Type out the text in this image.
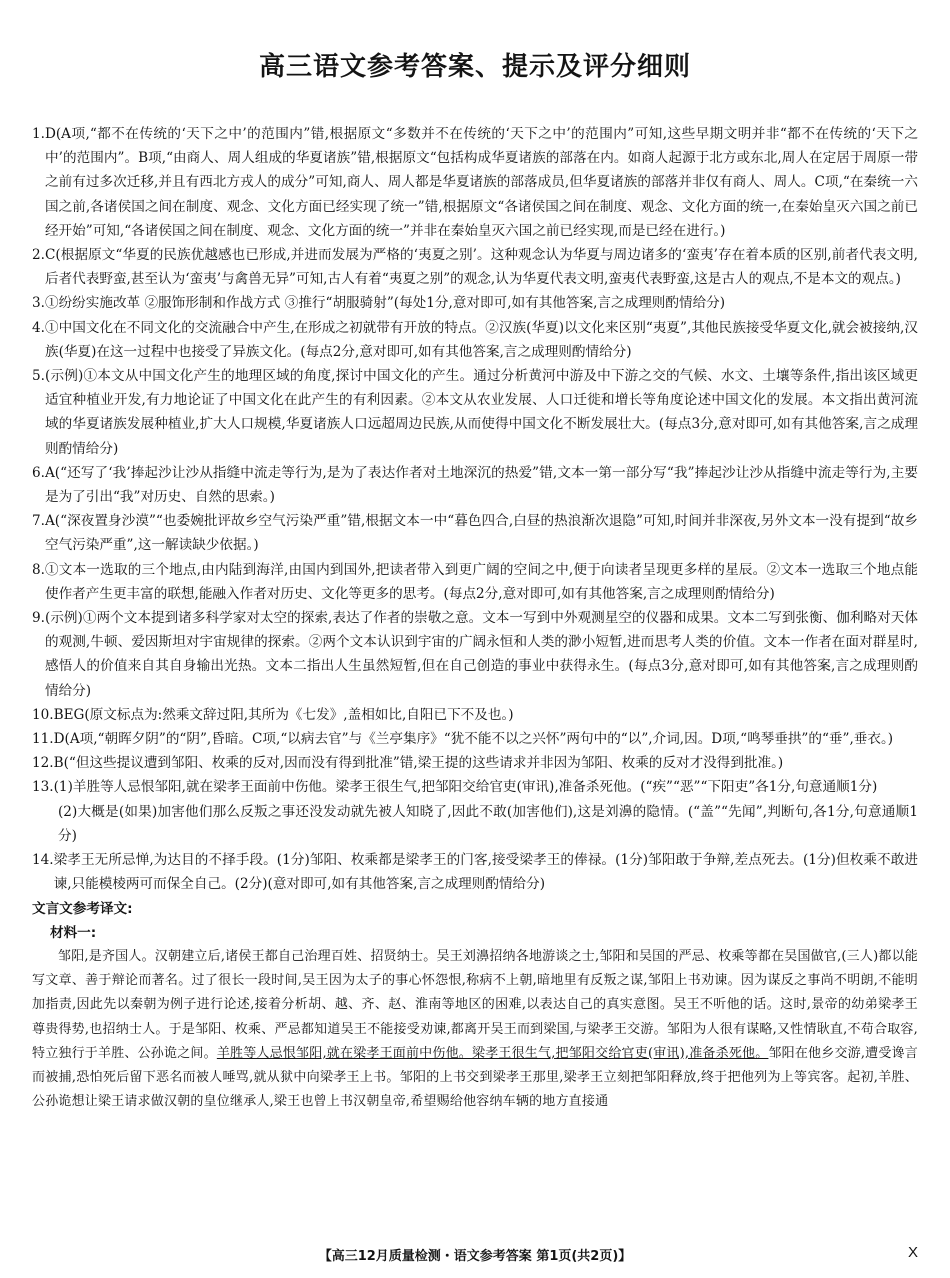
高三语文参考答案、提示及评分细则
1. D(A项,“都不在传统的‘天下之中’的范围内”错,根据原文“多数并不在传统的‘天下之中’的范围内”可知,这些早期文明并非“都不在传统的‘天下之中’的范围内”。B项,“由商人、周人组成的华夏诸族”错,根据原文“包括构成华夏诸族的部落在内。如商人起源于北方或东北,周人在定居于周原一带之前有过多次迁移,并且有西北方戎人的成分”可知,商人、周人都是华夏诸族的部落成员,但华夏诸族的部落并非仅有商人、周人。C项,“在秦统一六国之前,各诸侯国之间在制度、观念、文化方面已经实现了统一”错,根据原文“各诸侯国之间在制度、观念、文化方面的统一,在秦始皇灭六国之前已经开始”可知,“各诸侯国之间在制度、观念、文化方面的统一”并非在秦始皇灭六国之前已经实现,而是已经在进行。)
2. C(根据原文“华夏的民族优越感也已形成,并进而发展为严格的‘夷夏之别’。这种观念认为华夏与周边诸多的‘蛮夷’存在着本质的区别,前者代表文明,后者代表野蛮,甚至认为‘蛮夷’与禽兽无异”可知,古人有着“夷夏之别”的观念,认为华夏代表文明,蛮夷代表野蛮,这是古人的观点,不是本文的观点。)
3. ①纷纷实施改革 ②服饰形制和作战方式 ③推行“胡服骑射”(每处1分,意对即可,如有其他答案,言之成理则酌情给分)
4. ①中国文化在不同文化的交流融合中产生,在形成之初就带有开放的特点。②汉族(华夏)以文化来区别“夷夏”,其他民族接受华夏文化,就会被接纳,汉族(华夏)在这一过程中也接受了异族文化。(每点2分,意对即可,如有其他答案,言之成理则酌情给分)
5. (示例)①本文从中国文化产生的地理区域的角度,探讨中国文化的产生。通过分析黄河中游及中下游之交的气候、水文、土壤等条件,指出该区域更适宜种植业开发,有力地论证了中国文化在此产生的有利因素。②本文从农业发展、人口迁徙和增长等角度论述中国文化的发展。本文指出黄河流域的华夏诸族发展种植业,扩大人口规模,华夏诸族人口远超周边民族,从而使得中国文化不断发展壮大。(每点3分,意对即可,如有其他答案,言之成理则酌情给分)
6. A(“还写了‘我’捧起沙让沙从指缝中流走等行为,是为了表达作者对土地深沉的热爱”错,文本一第一部分写“我”捧起沙让沙从指缝中流走等行为,主要是为了引出“我”对历史、自然的思索。)
7. A(“深夜置身沙漠”“也委婉批评故乡空气污染严重”错,根据文本一中“暮色四合,白昼的热浪渐次退隐”可知,时间并非深夜,另外文本一没有提到“故乡空气污染严重”,这一解读缺少依据。)
8. ①文本一选取的三个地点,由内陆到海洋,由国内到国外,把读者带入到更广阔的空间之中,便于向读者呈现更多样的星辰。②文本一选取三个地点能使作者产生更丰富的联想,能融入作者对历史、文化等更多的思考。(每点2分,意对即可,如有其他答案,言之成理则酌情给分)
9. (示例)①两个文本提到诸多科学家对太空的探索,表达了作者的崇敬之意。文本一写到中外观测星空的仪器和成果。文本二写到张衡、伽利略对天体的观测,牛顿、爱因斯坦对宇宙规律的探索。②两个文本认识到宇宙的广阔永恒和人类的渺小短暂,进而思考人类的价值。文本一作者在面对群星时,感悟人的价值来自其自身输出光热。文本二指出人生虽然短暂,但在自己创造的事业中获得永生。(每点3分,意对即可,如有其他答案,言之成理则酌情给分)
10. BEG(原文标点为:然乘文辞过阳,其所为《七发》,盖相如比,自阳已下不及也。)
11. D(A项,“朝晖夕阴”的“阴”,昏暗。C项,“以病去官”与《兰亭集序》“犹不能不以之兴怀”两句中的“以”,介词,因。D项,“鸣琴垂拱”的“垂”,垂衣。)
12. B(“但这些提议遭到邹阳、枚乘的反对,因而没有得到批准”错,梁王提的这些请求并非因为邹阳、枚乘的反对才没得到批准。)
13. (1)羊胜等人忌恨邹阳,就在梁孝王面前中伤他。梁孝王很生气,把邹阳交给官吏(审讯),准备杀死他。(“疾”“恶”“下阳吏”各1分,句意通顺1分)
(2)大概是(如果)加害他们那么反叛之事还没发动就先被人知晓了,因此不敢(加害他们),这是刘濞的隐情。(“盖”“先闻”,判断句,各1分,句意通顺1分)
14. 梁孝王无所忌惮,为达目的不择手段。(1分)邹阳、枚乘都是梁孝王的门客,接受梁孝王的俸禄。(1分)邹阳敢于争辩,差点死去。(1分)但枚乘不敢进谏,只能模棱两可而保全自己。(2分)(意对即可,如有其他答案,言之成理则酌情给分)
文言文参考译文:
材料一:
邹阳,是齐国人。汉朝建立后,诸侯王都自己治理百姓、招贤纳士。吴王刘濞招纳各地游谈之士,邹阳和吴国的严忌、枚乘等都在吴国做官,(三人)都以能写文章、善于辩论而著名。过了很长一段时间,吴王因为太子的事心怀怨恨,称病不上朝,暗地里有反叛之谋,邹阳上书劝谏。因为谋反之事尚不明朗,不能明加指责,因此先以秦朝为例子进行论述,接着分析胡、越、齐、赵、淮南等地区的困难,以表达自己的真实意图。吴王不听他的话。这时,景帝的幼弟梁孝王尊贵得势,也招纳士人。于是邹阳、枚乘、严忌都知道吴王不能接受劝谏,都离开吴王而到梁国,与梁孝王交游。邹阳为人很有谋略,又性情耿直,不苟合取容,特立独行于羊胜、公孙诡之间。羊胜等人忌恨邹阳,就在梁孝王面前中伤他。梁孝王很生气,把邹阳交给官吏(审讯),准备杀死他。邹阳在他乡交游,遭受谗言而被捕,恐怕死后留下恶名而被人唾骂,就从狱中向梁孝王上书。邹阳的上书交到梁孝王那里,梁孝王立刻把邹阳释放,终于把他列为上等宾客。起初,羊胜、公孙诡想让梁王请求做汉朝的皇位继承人,梁王也曾上书汉朝皇帝,希望赐给他容纳车辆的地方直接通
【高三12月质量检测・语文参考答案 第1页(共2页)】	X
